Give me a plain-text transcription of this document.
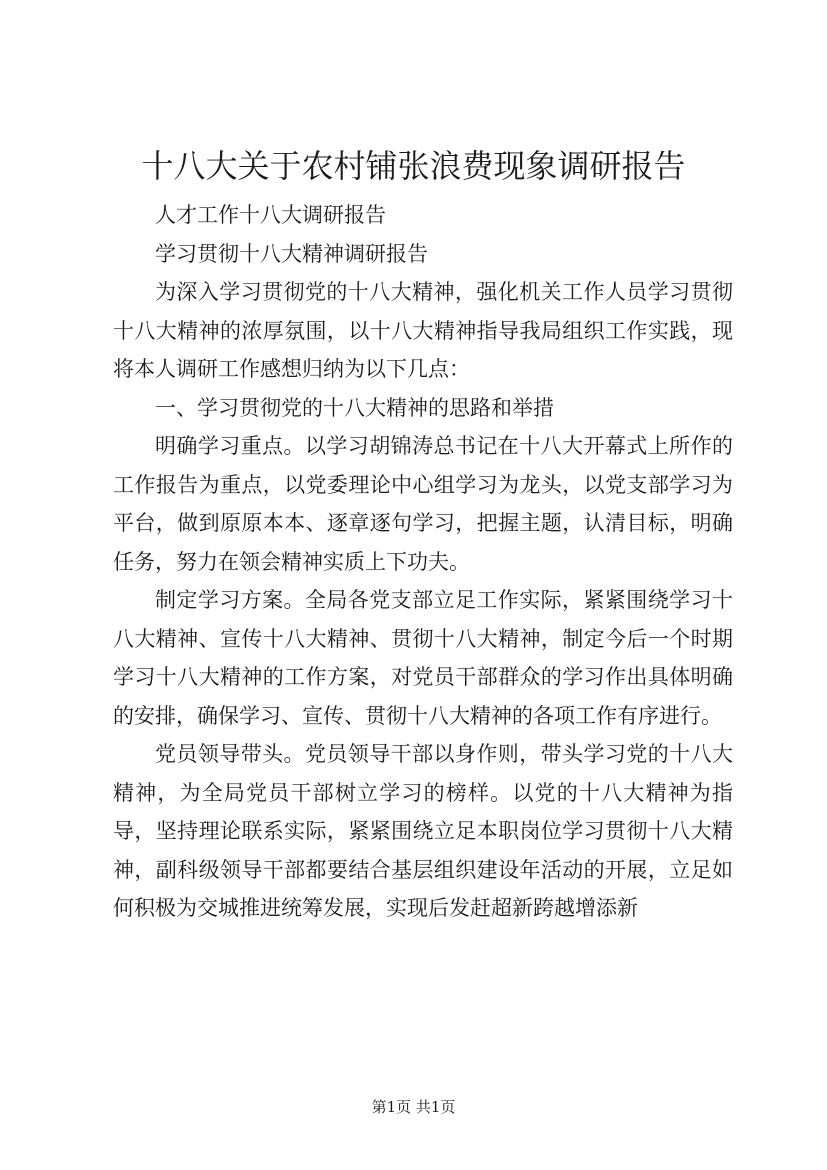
十八大关于农村铺张浪费现象调研报告

人才工作十八大调研报告

学习贯彻十八大精神调研报告

为深入学习贯彻党的十八大精神，强化机关工作人员学习贯彻十八大精神的浓厚氛围，以十八大精神指导我局组织工作实践，现将本人调研工作感想归纳为以下几点：

一、学习贯彻党的十八大精神的思路和举措

明确学习重点。以学习胡锦涛总书记在十八大开幕式上所作的工作报告为重点，以党委理论中心组学习为龙头，以党支部学习为平台，做到原原本本、逐章逐句学习，把握主题，认清目标，明确任务，努力在领会精神实质上下功夫。

制定学习方案。全局各党支部立足工作实际，紧紧围绕学习十八大精神、宣传十八大精神、贯彻十八大精神，制定今后一个时期学习十八大精神的工作方案，对党员干部群众的学习作出具体明确的安排，确保学习、宣传、贯彻十八大精神的各项工作有序进行。

党员领导带头。党员领导干部以身作则，带头学习党的十八大精神，为全局党员干部树立学习的榜样。以党的十八大精神为指导，坚持理论联系实际，紧紧围绕立足本职岗位学习贯彻十八大精神，副科级领导干部都要结合基层组织建设年活动的开展，立足如何积极为交城推进统筹发展，实现后发赶超新跨越增添新

第1页 共1页
